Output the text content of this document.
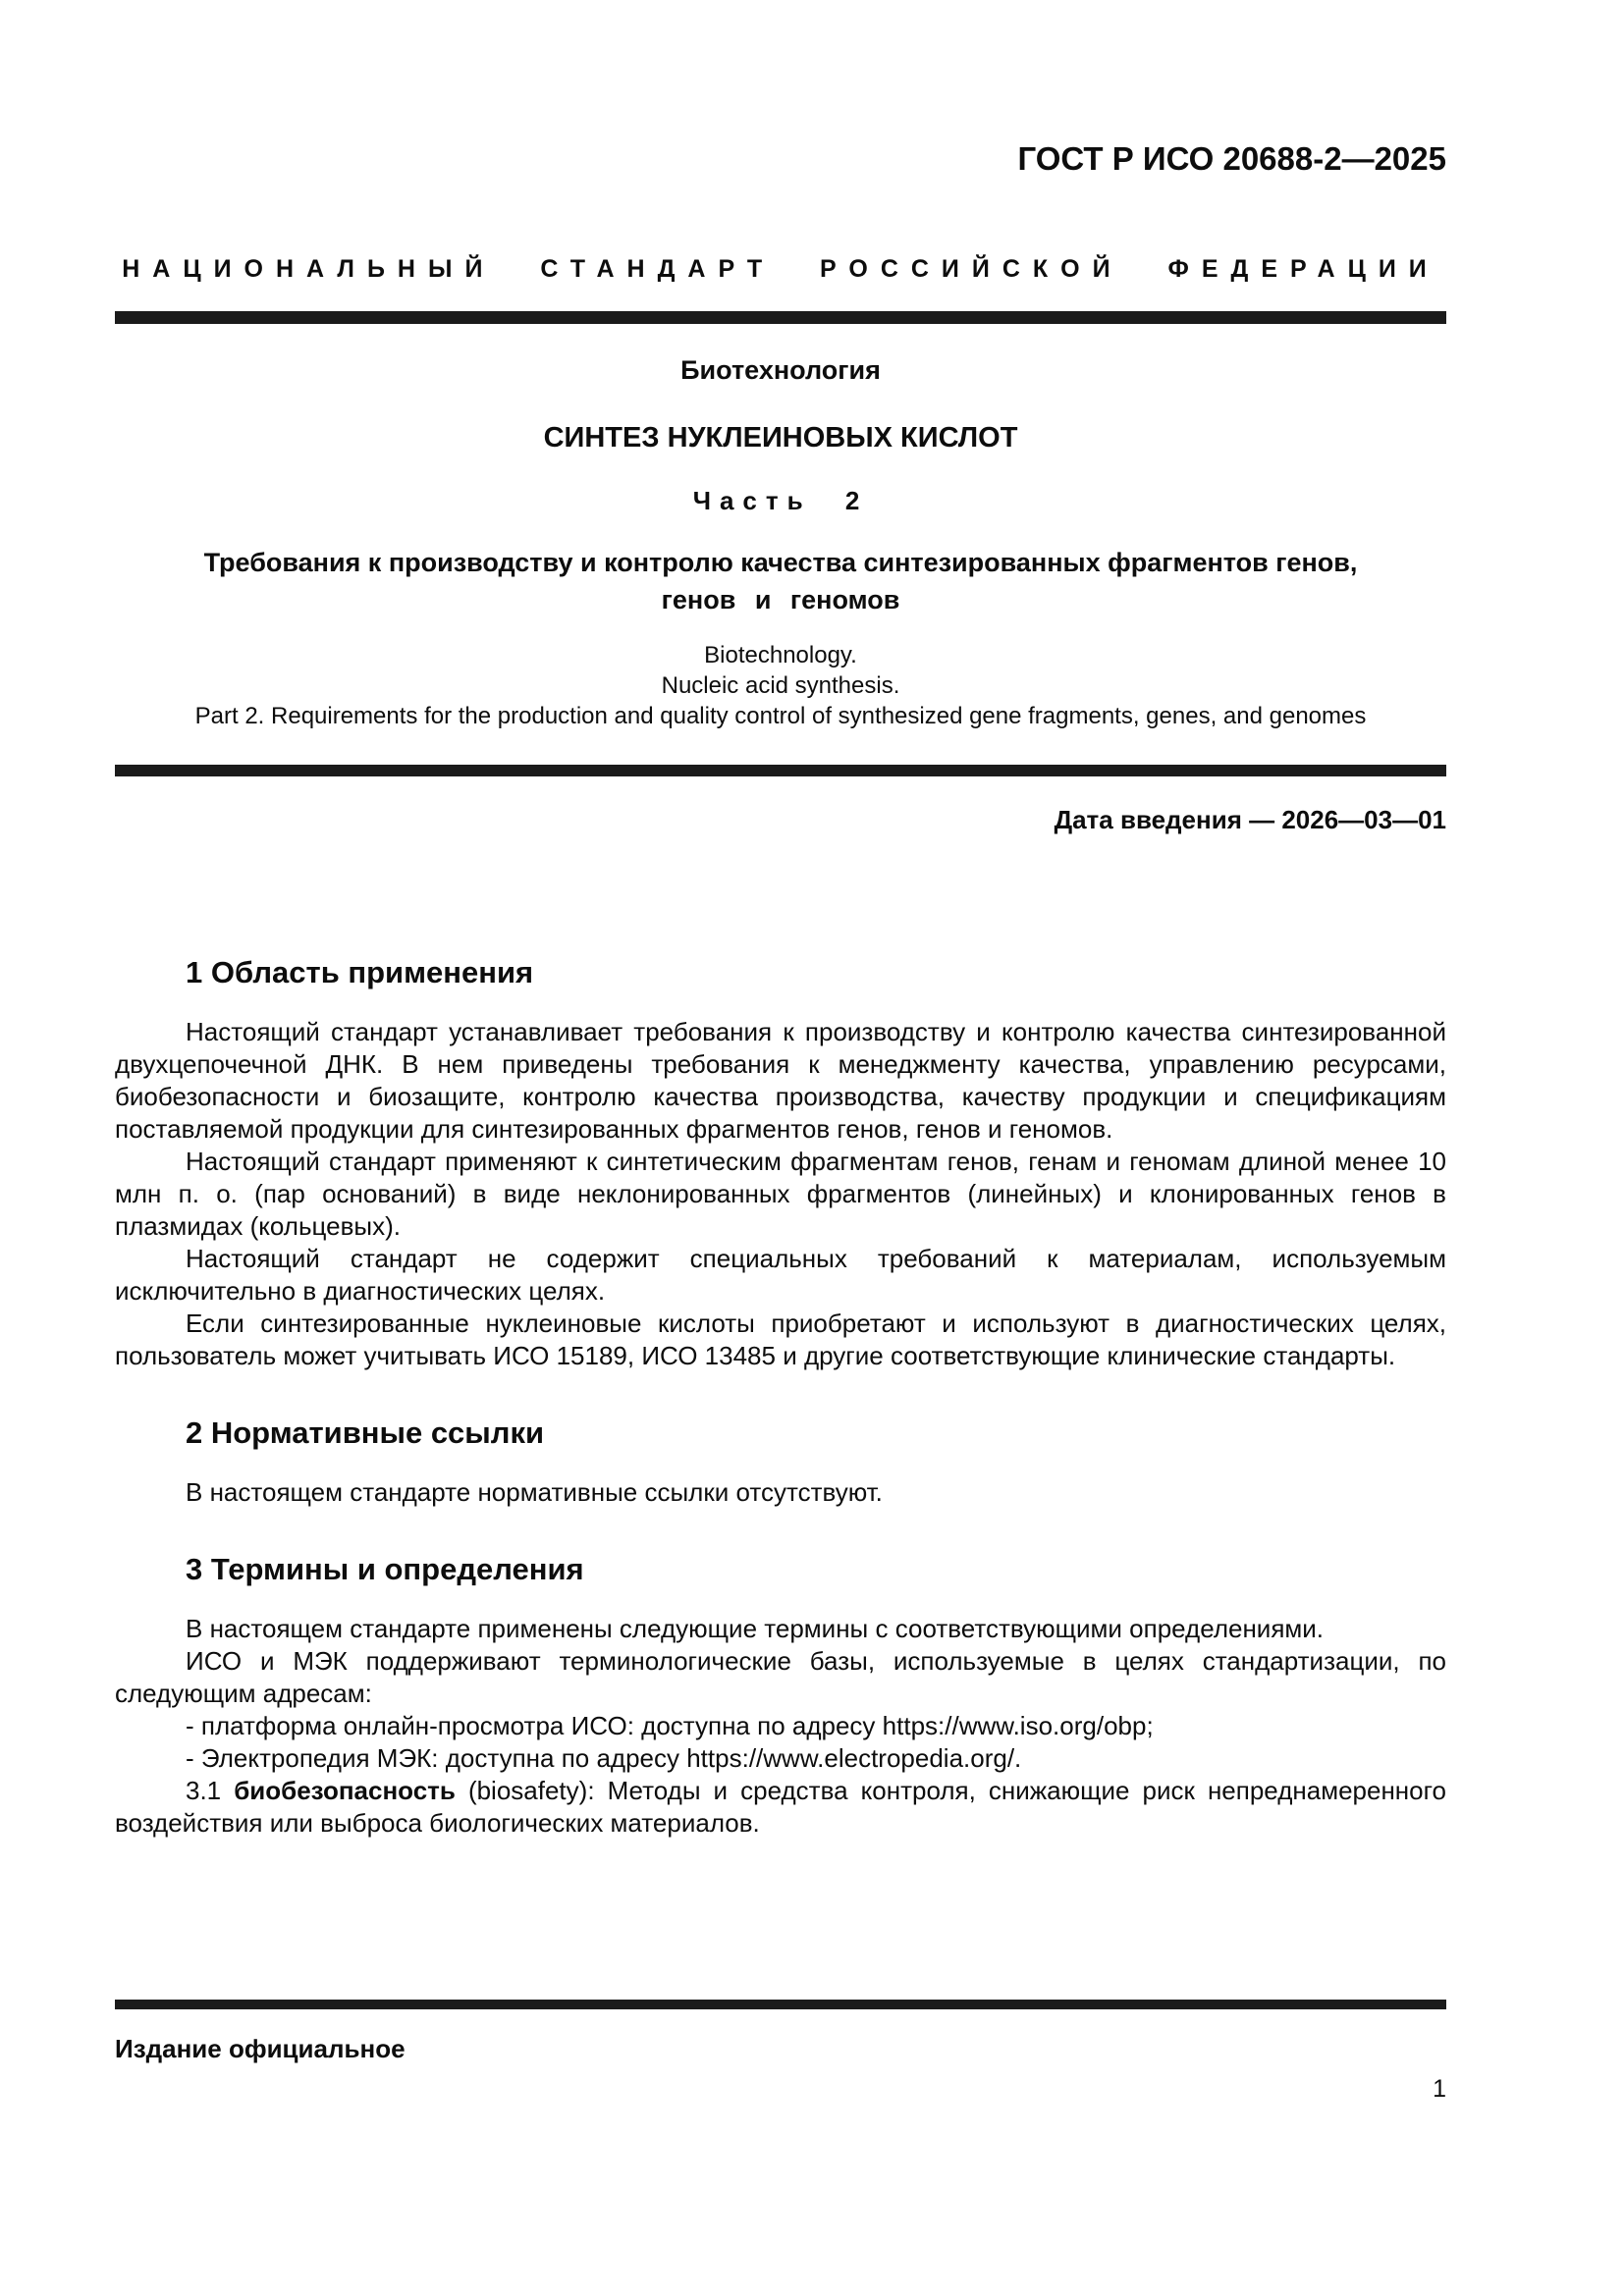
ГОСТ Р ИСО 20688-2—2025
НАЦИОНАЛЬНЫЙ СТАНДАРТ РОССИЙСКОЙ ФЕДЕРАЦИИ
Биотехнология
СИНТЕЗ НУКЛЕИНОВЫХ КИСЛОТ
Часть 2
Требования к производству и контролю качества синтезированных фрагментов генов,
генов и геномов
Biotechnology.
Nucleic acid synthesis.
Part 2. Requirements for the production and quality control of synthesized gene fragments, genes, and genomes
Дата введения — 2026—03—01
1 Область применения

Настоящий стандарт устанавливает требования к производству и контролю качества синтезированной двухцепочечной ДНК. В нем приведены требования к менеджменту качества, управлению ресурсами, биобезопасности и биозащите, контролю качества производства, качеству продукции и спецификациям поставляемой продукции для синтезированных фрагментов генов, генов и геномов.

Настоящий стандарт применяют к синтетическим фрагментам генов, генам и геномам длиной менее 10 млн п. о. (пар оснований) в виде неклонированных фрагментов (линейных) и клонированных генов в плазмидах (кольцевых).

Настоящий стандарт не содержит специальных требований к материалам, используемым исключительно в диагностических целях.

Если синтезированные нуклеиновые кислоты приобретают и используют в диагностических целях, пользователь может учитывать ИСО 15189, ИСО 13485 и другие соответствующие клинические стандарты.

2 Нормативные ссылки

В настоящем стандарте нормативные ссылки отсутствуют.

3 Термины и определения

В настоящем стандарте применены следующие термины с соответствующими определениями.

ИСО и МЭК поддерживают терминологические базы, используемые в целях стандартизации, по следующим адресам:

- платформа онлайн-просмотра ИСО: доступна по адресу https://www.iso.org/obp;

- Электропедия МЭК: доступна по адресу https://www.electropedia.org/.

3.1 биобезопасность (biosafety): Методы и средства контроля, снижающие риск непреднамеренного воздействия или выброса биологических материалов.

Издание официальное
1
